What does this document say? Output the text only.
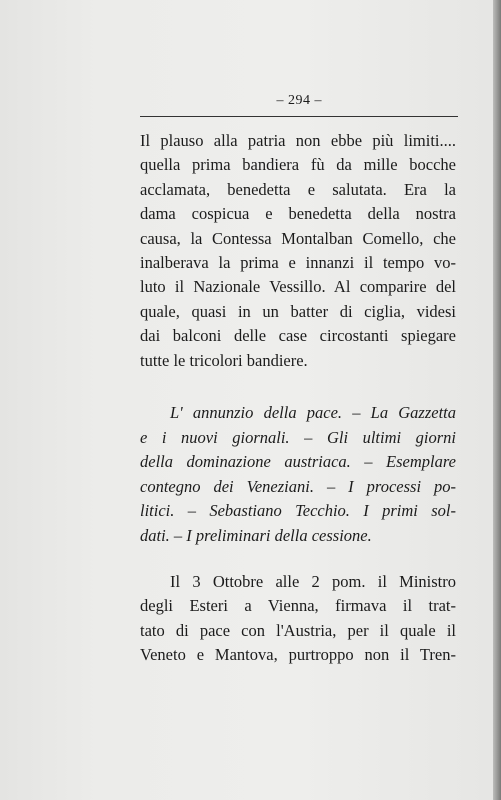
– 294 –
Il plauso alla patria non ebbe più limiti....
quella prima bandiera fù da mille bocche
acclamata, benedetta e salutata. Era la
dama cospicua e benedetta della nostra
causa, la Contessa Montalban Comello, che
inalberava la prima e innanzi il tempo vo-
luto il Nazionale Vessillo. Al comparire del
quale, quasi in un batter di ciglia, videsi
dai balconi delle case circostanti spiegare
tutte le tricolori bandiere.
L' annunzio della pace. – La Gazzetta
e i nuovi giornali. – Gli ultimi giorni
della dominazione austriaca. – Esemplare
contegno dei Veneziani. – I processi po-
litici. – Sebastiano Tecchio. I primi sol-
dati. – I preliminari della cessione.
Il 3 Ottobre alle 2 pom. il Ministro
degli Esteri a Vienna, firmava il trat-
tato di pace con l'Austria, per il quale il
Veneto e Mantova, purtroppo non il Tren-
